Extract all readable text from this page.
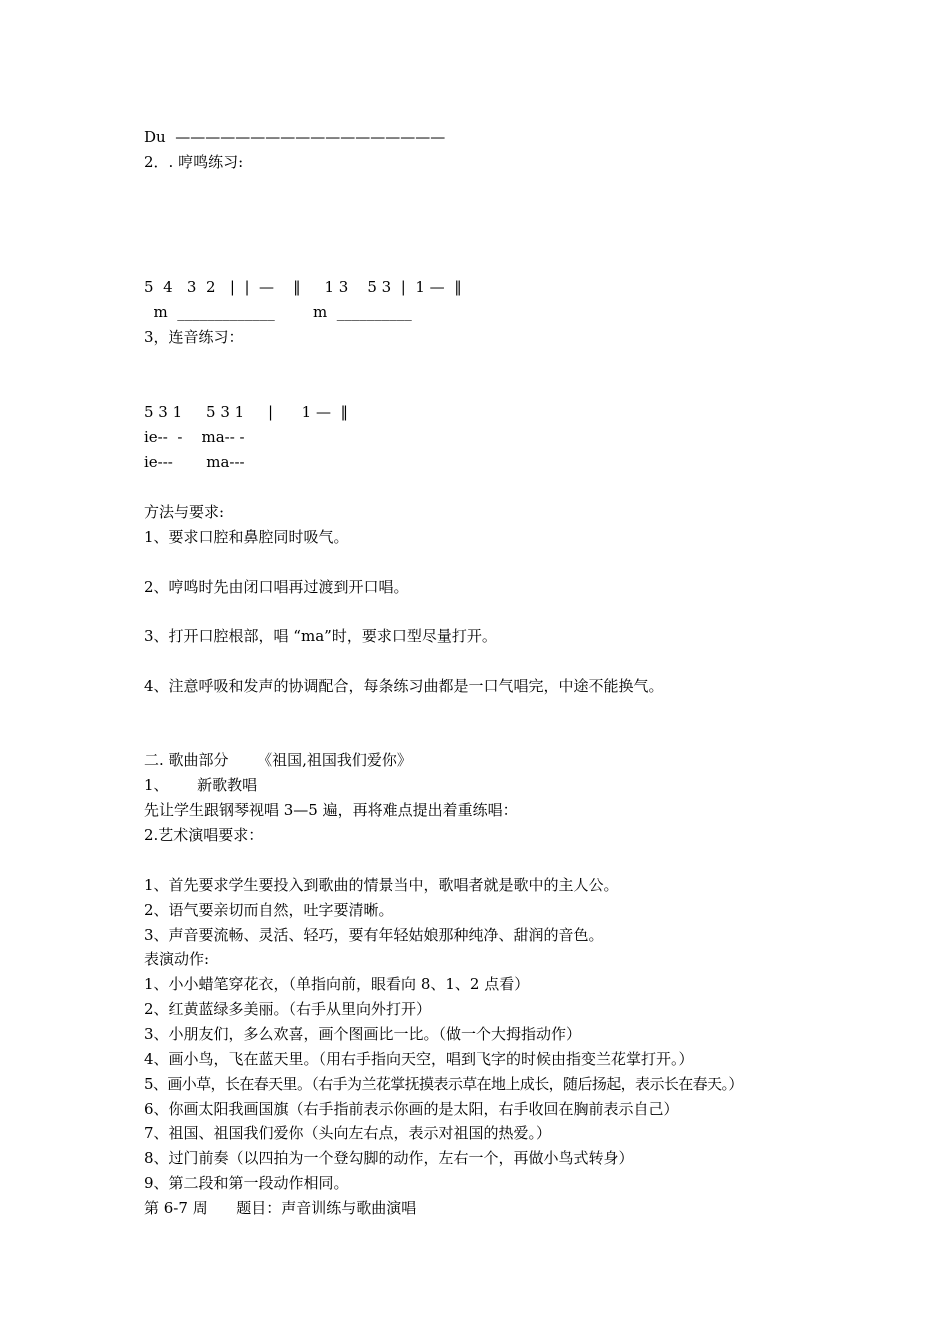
Du  ——————————————————

2．. 哼鸣练习:

5  4   3  2   |  |  —    ‖     1 3    5 3  |  1 —  ‖

m  _____________        m  __________

3，连音练习：

5 3 1     5 3 1     |      1 —  ‖

ie--  -    ma-- -

ie---       ma---

方法与要求:

1、要求口腔和鼻腔同时吸气。

2、哼鸣时先由闭口唱再过渡到开口唱。

3、打开口腔根部，唱 “ma”时，要求口型尽量打开。

4、注意呼吸和发声的协调配合，每条练习曲都是一口气唱完，中途不能换气。

二. 歌曲部分      《祖国,祖国我们爱你》

1、      新歌教唱

先让学生跟钢琴视唱 3—5 遍，再将难点提出着重练唱：

2.艺术演唱要求：

1、首先要求学生要投入到歌曲的情景当中，歌唱者就是歌中的主人公。

2、语气要亲切而自然，吐字要清晰。

3、声音要流畅、灵活、轻巧，要有年轻姑娘那种纯净、甜润的音色。

表演动作:

1、小小蜡笔穿花衣，（单指向前，眼看向 8、1、2 点看）

2、红黄蓝绿多美丽。（右手从里向外打开）

3、小朋友们，多么欢喜，画个图画比一比。（做一个大拇指动作）

4、画小鸟，飞在蓝天里。（用右手指向天空，唱到飞字的时候由指变兰花掌打开。）

5、画小草，长在春天里。（右手为兰花掌抚摸表示草在地上成长，随后扬起，表示长在春天。）

6、你画太阳我画国旗（右手指前表示你画的是太阳，右手收回在胸前表示自己）

7、祖国、祖国我们爱你（头向左右点，表示对祖国的热爱。）

8、过门前奏（以四拍为一个登勾脚的动作，左右一个，再做小鸟式转身）

9、第二段和第一段动作相同。

第 6-7 周      题目：声音训练与歌曲演唱
